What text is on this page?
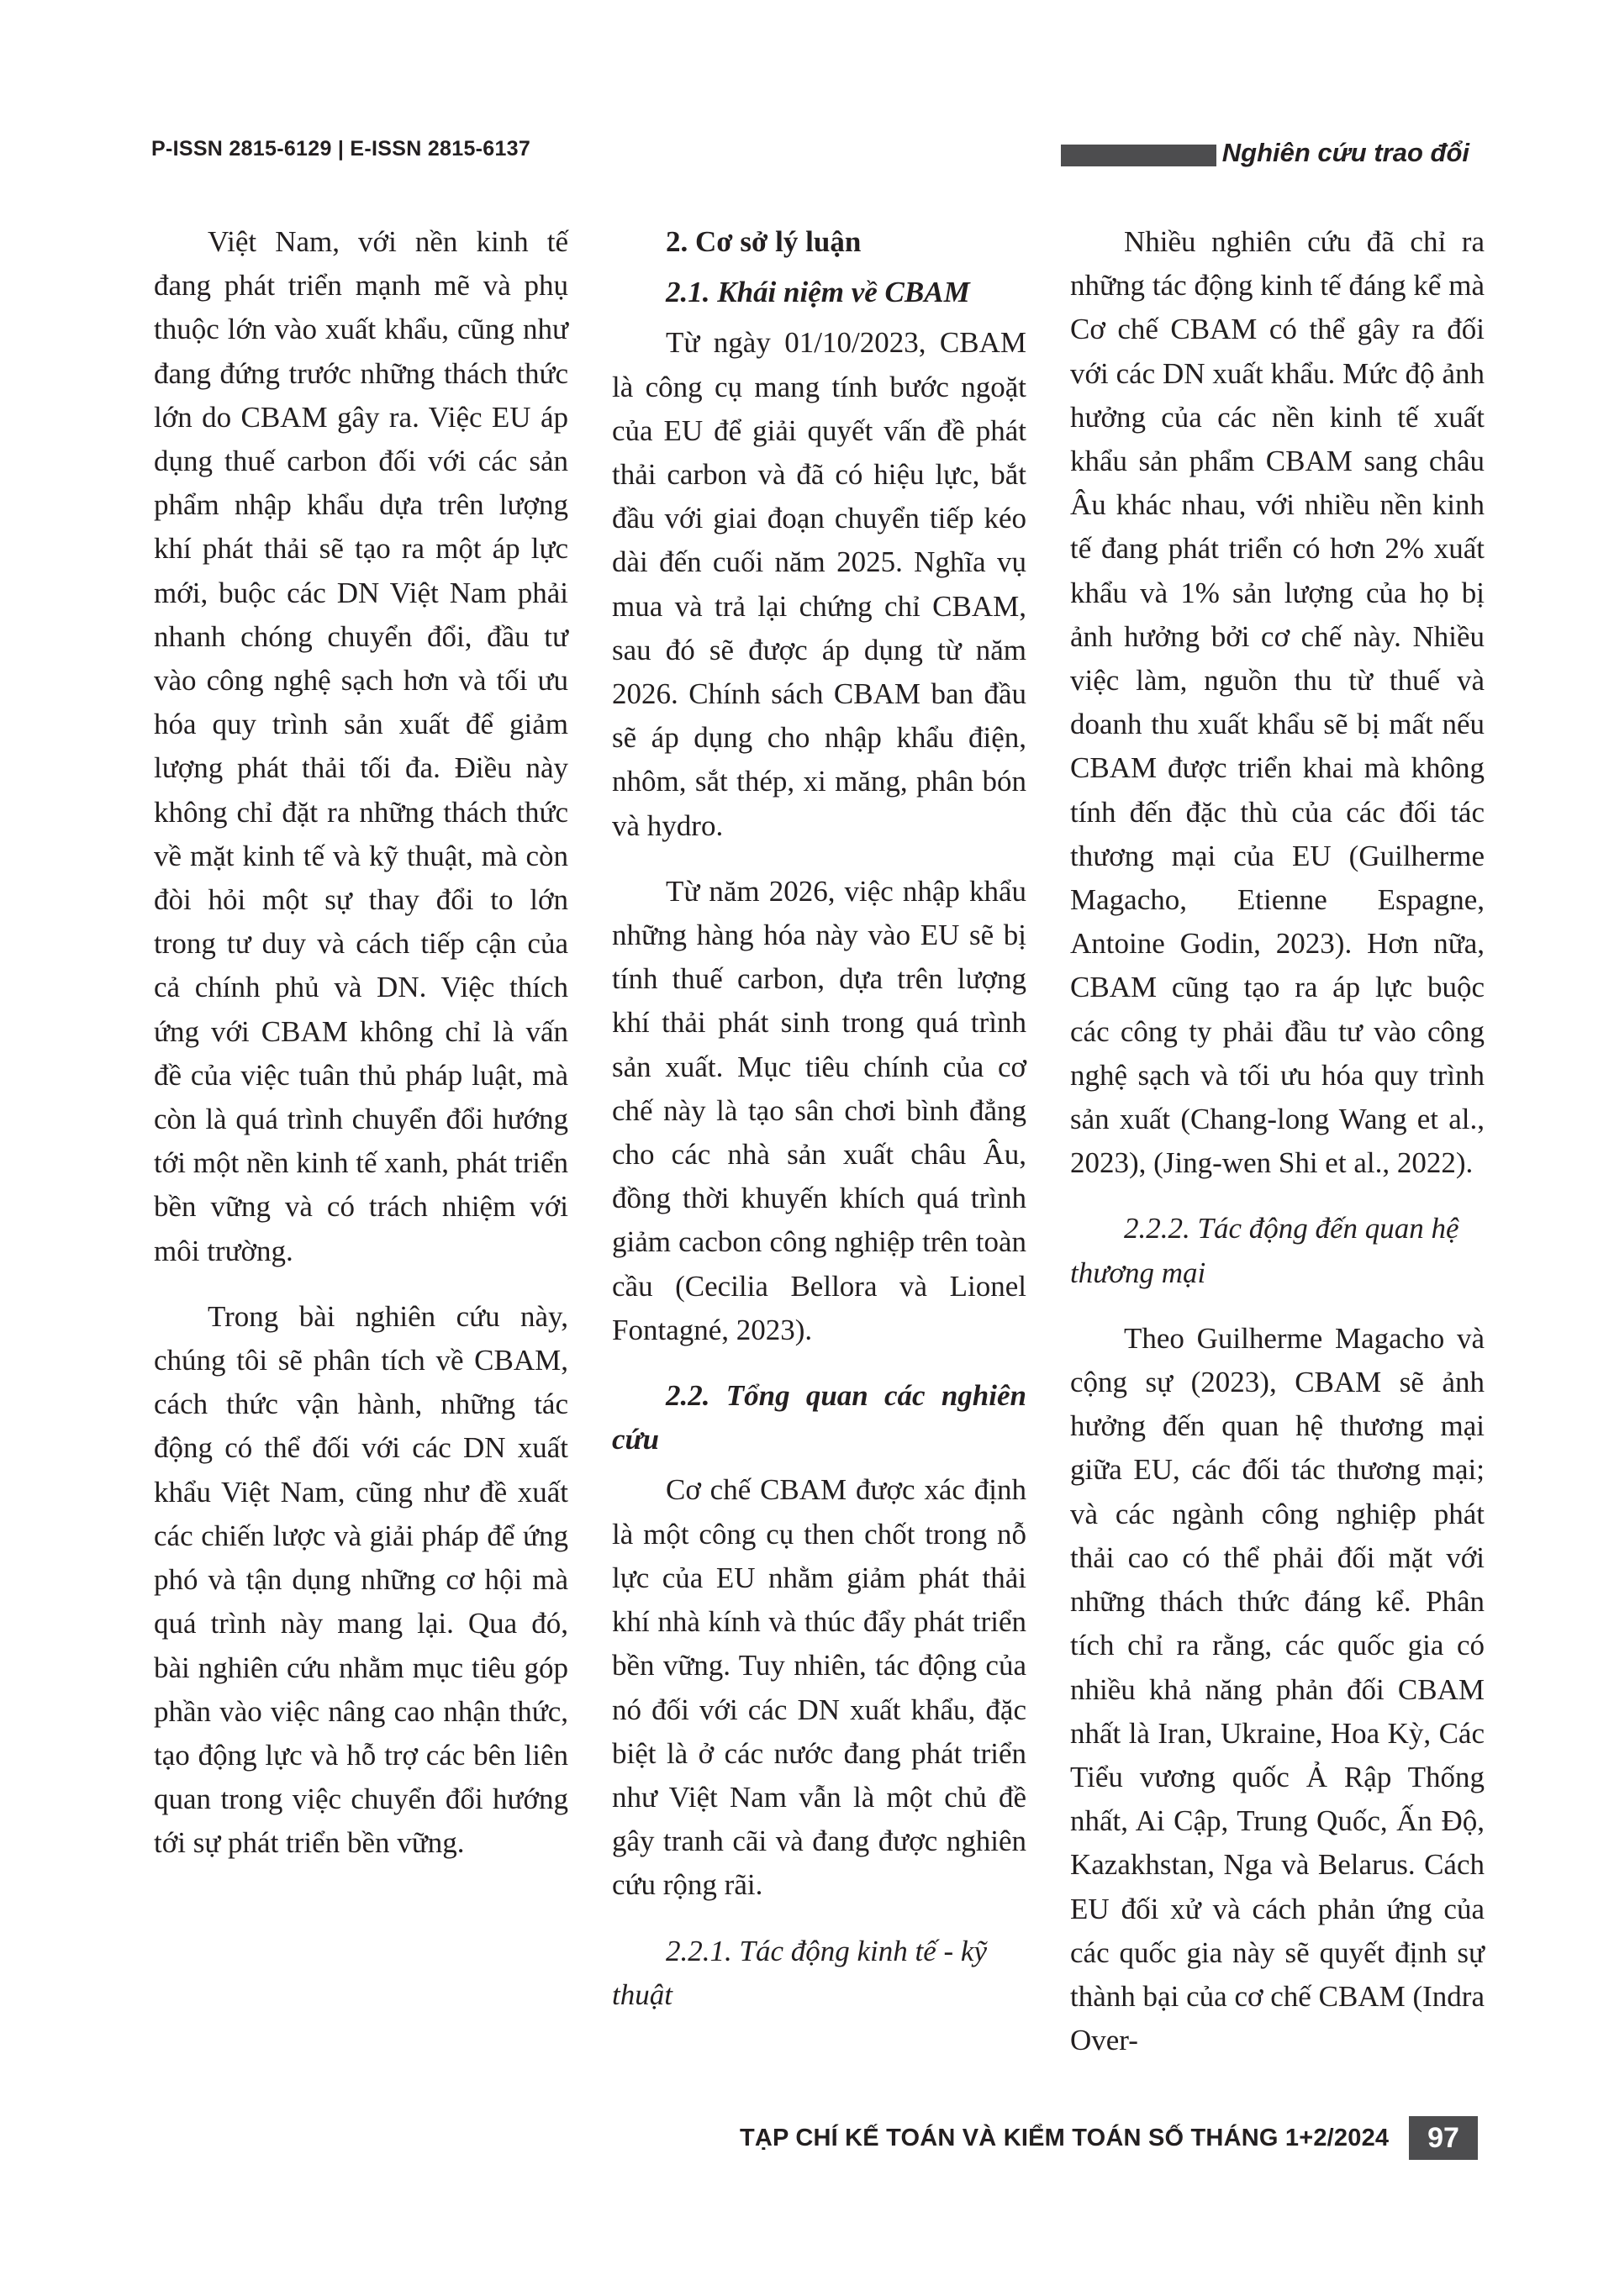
P-ISSN 2815-6129 | E-ISSN 2815-6137	Nghiên cứu trao đổi

Việt Nam, với nền kinh tế đang phát triển mạnh mẽ và phụ thuộc lớn vào xuất khẩu, cũng như đang đứng trước những thách thức lớn do CBAM gây ra. Việc EU áp dụng thuế carbon đối với các sản phẩm nhập khẩu dựa trên lượng khí phát thải sẽ tạo ra một áp lực mới, buộc các DN Việt Nam phải nhanh chóng chuyển đổi, đầu tư vào công nghệ sạch hơn và tối ưu hóa quy trình sản xuất để giảm lượng phát thải tối đa. Điều này không chỉ đặt ra những thách thức về mặt kinh tế và kỹ thuật, mà còn đòi hỏi một sự thay đổi to lớn trong tư duy và cách tiếp cận của cả chính phủ và DN. Việc thích ứng với CBAM không chỉ là vấn đề của việc tuân thủ pháp luật, mà còn là quá trình chuyển đổi hướng tới một nền kinh tế xanh, phát triển bền vững và có trách nhiệm với môi trường.

Trong bài nghiên cứu này, chúng tôi sẽ phân tích về CBAM, cách thức vận hành, những tác động có thể đối với các DN xuất khẩu Việt Nam, cũng như đề xuất các chiến lược và giải pháp để ứng phó và tận dụng những cơ hội mà quá trình này mang lại. Qua đó, bài nghiên cứu nhằm mục tiêu góp phần vào việc nâng cao nhận thức, tạo động lực và hỗ trợ các bên liên quan trong việc chuyển đổi hướng tới sự phát triển bền vững.

2. Cơ sở lý luận
2.1. Khái niệm về CBAM

Từ ngày 01/10/2023, CBAM là công cụ mang tính bước ngoặt của EU để giải quyết vấn đề phát thải carbon và đã có hiệu lực, bắt đầu với giai đoạn chuyển tiếp kéo dài đến cuối năm 2025. Nghĩa vụ mua và trả lại chứng chỉ CBAM, sau đó sẽ được áp dụng từ năm 2026. Chính sách CBAM ban đầu sẽ áp dụng cho nhập khẩu điện, nhôm, sắt thép, xi măng, phân bón và hydro.

Từ năm 2026, việc nhập khẩu những hàng hóa này vào EU sẽ bị tính thuế carbon, dựa trên lượng khí thải phát sinh trong quá trình sản xuất. Mục tiêu chính của cơ chế này là tạo sân chơi bình đẳng cho các nhà sản xuất châu Âu, đồng thời khuyến khích quá trình giảm cacbon công nghiệp trên toàn cầu (Cecilia Bellora và Lionel Fontagné, 2023).

2.2. Tổng quan các nghiên cứu

Cơ chế CBAM được xác định là một công cụ then chốt trong nỗ lực của EU nhằm giảm phát thải khí nhà kính và thúc đẩy phát triển bền vững. Tuy nhiên, tác động của nó đối với các DN xuất khẩu, đặc biệt là ở các nước đang phát triển như Việt Nam vẫn là một chủ đề gây tranh cãi và đang được nghiên cứu rộng rãi.

2.2.1. Tác động kinh tế - kỹ thuật

Nhiều nghiên cứu đã chỉ ra những tác động kinh tế đáng kể mà Cơ chế CBAM có thể gây ra đối với các DN xuất khẩu. Mức độ ảnh hưởng của các nền kinh tế xuất khẩu sản phẩm CBAM sang châu Âu khác nhau, với nhiều nền kinh tế đang phát triển có hơn 2% xuất khẩu và 1% sản lượng của họ bị ảnh hưởng bởi cơ chế này. Nhiều việc làm, nguồn thu từ thuế và doanh thu xuất khẩu sẽ bị mất nếu CBAM được triển khai mà không tính đến đặc thù của các đối tác thương mại của EU (Guilherme Magacho, Etienne Espagne, Antoine Godin, 2023). Hơn nữa, CBAM cũng tạo ra áp lực buộc các công ty phải đầu tư vào công nghệ sạch và tối ưu hóa quy trình sản xuất (Chang-long Wang et al., 2023), (Jing-wen Shi et al., 2022).

2.2.2. Tác động đến quan hệ thương mại

Theo Guilherme Magacho và cộng sự (2023), CBAM sẽ ảnh hưởng đến quan hệ thương mại giữa EU, các đối tác thương mại; và các ngành công nghiệp phát thải cao có thể phải đối mặt với những thách thức đáng kể. Phân tích chỉ ra rằng, các quốc gia có nhiều khả năng phản đối CBAM nhất là Iran, Ukraine, Hoa Kỳ, Các Tiểu vương quốc Ả Rập Thống nhất, Ai Cập, Trung Quốc, Ấn Độ, Kazakhstan, Nga và Belarus. Cách EU đối xử và cách phản ứng của các quốc gia này sẽ quyết định sự thành bại của cơ chế CBAM (Indra Over-

TẠP CHÍ KẾ TOÁN VÀ KIỂM TOÁN SỐ THÁNG 1+2/2024	97
